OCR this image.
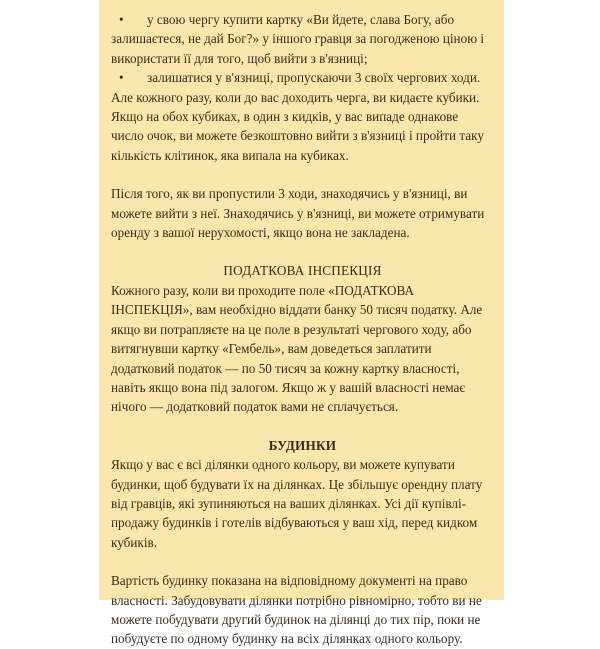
• у свою чергу купити картку «Ви йдете, слава Богу, або залишаєтеся, не дай Бог?» у іншого гравця за погодженою ціною і використати її для того, щоб вийти з в'язниці;

• залишатися у в'язниці, пропускаючи 3 своїх чергових ходи. Але кожного разу, коли до вас доходить черга, ви кидаєте кубики. Якщо на обох кубиках, в один з кидків, у вас випаде однакове число очок, ви можете безкоштовно вийти з в'язниці і пройти таку кількість клітинок, яка випала на кубиках.

Після того, як ви пропустили 3 ходи, знаходячись у в'язниці, ви можете вийти з неї. Знаходячись у в'язниці, ви можете отримувати оренду з вашої нерухомості, якщо вона не закладена.

ПОДАТКОВА ІНСПЕКЦІЯ

Кожного разу, коли ви проходите поле «ПОДАТКОВА ІНСПЕКЦІЯ», вам необхідно віддати банку 50 тисяч податку. Але якщо ви потрапляєте на це поле в результаті чергового ходу, або витягнувши картку «Гембель», вам доведеться заплатити додатковий податок — по 50 тисяч за кожну картку власності, навіть якщо вона під залогом. Якщо ж у вашій власності немає нічого — додатковий податок вами не сплачується.

БУДИНКИ

Якщо у вас є всі ділянки одного кольору, ви можете купувати будинки, щоб будувати їх на ділянках. Це збільшує орендну плату від гравців, які зупиняються на ваших ділянках. Усі дії купівлі-продажу будинків і готелів відбуваються у ваш хід, перед кидком кубиків.

Вартість будинку показана на відповідному документі на право власності. Забудовувати ділянки потрібно рівномірно, тобто ви не можете побудувати другий будинок на ділянці до тих пір, поки не побудуєте по одному будинку на всіх ділянках одного кольору.
